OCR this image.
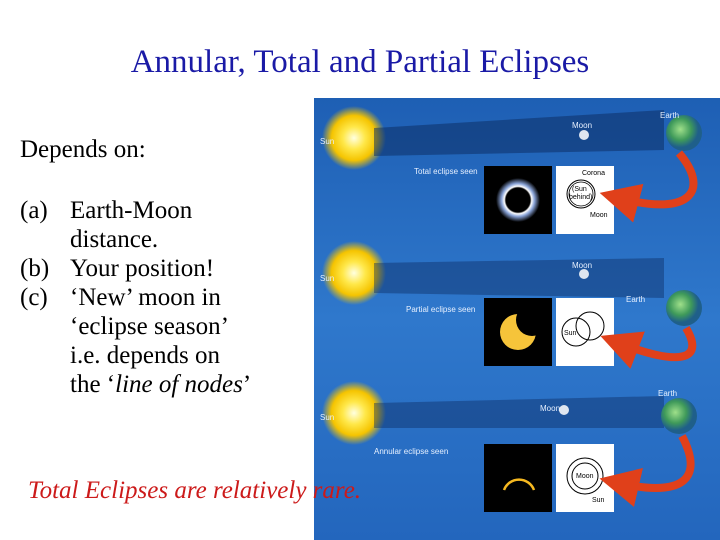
Annular, Total and Partial Eclipses
Depends on:
(a) Earth-Moon
distance.
(b) Your position!
(c) ‘New’ moon in
‘eclipse season’
i.e. depends on
the ‘line of nodes’
Sun
Moon
Earth
Total eclipse seen	Corona
(Sun
behind)
Moon
Sun
Moon
Earth
Partial eclipse seen
Sun
Sun
Moon
Earth
Annular eclipse seen
Moon
Sun
Total Eclipses are relatively rare.
